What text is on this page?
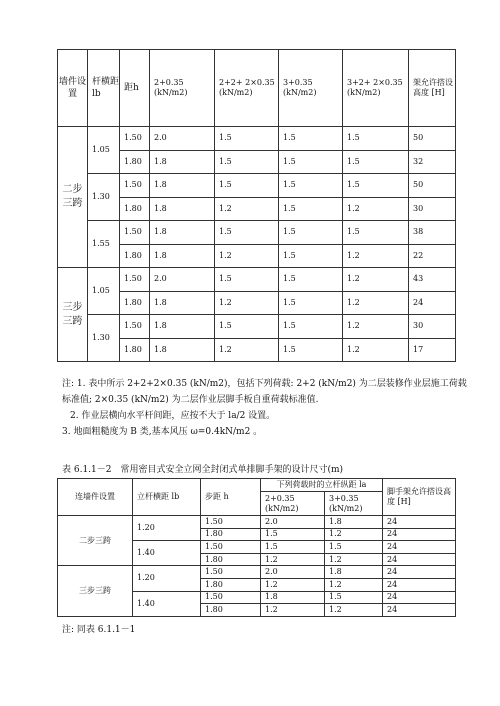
墙件设置	杆横距lb	距h	2+0.35 (kN/m2)	2+2+ 2×0.35 (kN/m2)	3+0.35 (kN/m2)	3+2+ 2×0.35 (kN/m2)	架允许搭设高度 [H]
二步三跨	1.05	1.50	2.0	1.5	1.5	1.5	50
		1.80	1.8	1.5	1.5	1.5	32
	1.30	1.50	1.8	1.5	1.5	1.5	50
		1.80	1.8	1.2	1.5	1.2	30
	1.55	1.50	1.8	1.5	1.5	1.5	38
		1.80	1.8	1.2	1.5	1.2	22
三步三跨	1.05	1.50	2.0	1.5	1.5	1.2	43
		1.80	1.8	1.2	1.5	1.2	24
	1.30	1.50	1.8	1.5	1.5	1.2	30
		1.80	1.8	1.2	1.5	1.2	17
注: 1. 表中所示 2+2+2×0.35 (kN/m2)，包括下列荷载: 2+2 (kN/m2) 为二层装修作业层施工荷载
标准值; 2×0.35 (kN/m2) 为二层作业层脚手板自重荷载标准值.
2. 作业层横向水平杆间距，应按不大于 la/2 设置。
3. 地面粗糙度为 B 类,基本风压 ω=0.4kN/m2 。
表 6.1.1－2　常用密目式安全立网全封闭式单排脚手架的设计尺寸(m)
连墙件设置	立杆横距 lb	步距 h	下列荷载时的立杆纵距 la		脚手架允许搭设高度 [H]
			2+0.35 (kN/m2)	3+0.35 (kN/m2)	
二步三跨	1.20	1.50	2.0	1.8	24
		1.80	1.5	1.2	24
	1.40	1.50	1.5	1.5	24
		1.80	1.2	1.2	24
三步三跨	1.20	1.50	2.0	1.8	24
		1.80	1.2	1.2	24
	1.40	1.50	1.8	1.5	24
		1.80	1.2	1.2	24
注: 同表 6.1.1－1
